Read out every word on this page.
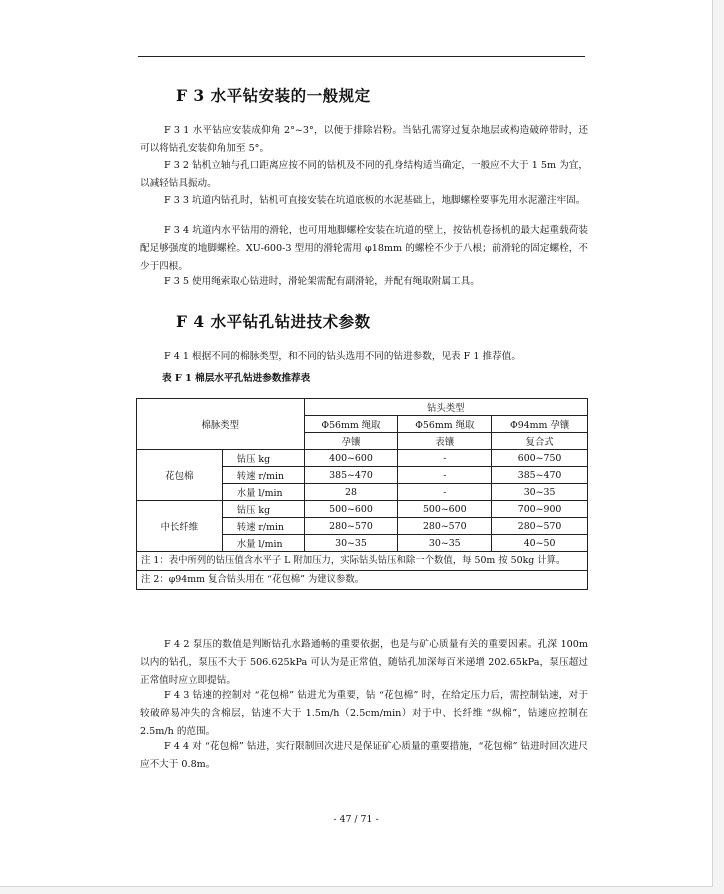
F 3 水平钻安装的一般规定
F 3 1 水平钻应安装成仰角 2°~3°，以便于排除岩粉。当钻孔需穿过复杂地层或构造破碎带时，还可以将钻孔安装仰角加至 5°。
F 3 2 钻机立轴与孔口距离应按不同的钻机及不同的孔身结构适当确定，一般应不大于 1 5m 为宜，以减轻钻具振动。
F 3 3 坑道内钻孔时，钻机可直接安装在坑道底板的水泥基础上，地脚螺栓要事先用水泥灌注牢固。
F 3 4 坑道内水平钻用的滑轮，也可用地脚螺栓安装在坑道的壁上，按钻机卷扬机的最大起重载荷装配足够强度的地脚螺栓。XU-600-3 型用的滑轮需用 φ18mm 的螺栓不少于八根；前滑轮的固定螺栓，不少于四根。
F 3 5 使用绳索取心钻进时，滑轮架需配有副滑轮，并配有绳取附属工具。
F 4 水平钻孔钻进技术参数
F 4 1 根据不同的棉脉类型，和不同的钻头选用不同的钻进参数，见表 F 1 推荐值。
表 F 1 棉层水平孔钻进参数推荐表
棉脉类型		钻头类型		
		Φ56mm 绳取	Φ56mm 绳取	Φ94mm 孕镶
		孕镶	表镶	复合式
花包棉	钻压 kg	400~600	-	600~750
	转速 r/min	385~470	-	385~470
	水量 l/min	28	-	30~35
中长纤维	钻压 kg	500~600	500~600	700~900
	转速 r/min	280~570	280~570	280~570
	水量 l/min	30~35	30~35	40~50
注 1：表中所列的钻压值含水平子 L 附加压力，实际钻头钻压和除一个数值，每 50m 按 50kg 计算。				
注 2：φ94mm 复合钻头用在 “花包棉” 为建议参数。				
F 4 2 泵压的数值是判断钻孔水路通畅的重要依据，也是与矿心质量有关的重要因素。孔深 100m 以内的钻孔，泵压不大于 506.625kPa 可认为是正常值，随钻孔加深每百米递增 202.65kPa，泵压超过正常值时应立即提钻。
F 4 3 钻速的控制对 “花包棉” 钻进尤为重要，钻 “花包棉” 时，在给定压力后，需控制钻速，对于较破碎易冲失的含棉层，钻速不大于 1.5m/h（2.5cm/min）对于中、长纤维 “纵棉”，钻速应控制在 2.5m/h 的范围。
F 4 4 对 “花包棉” 钻进，实行限制回次进尺是保证矿心质量的重要措施，“花包棉” 钻进时回次进尺应不大于 0.8m。
- 47 / 71 -
